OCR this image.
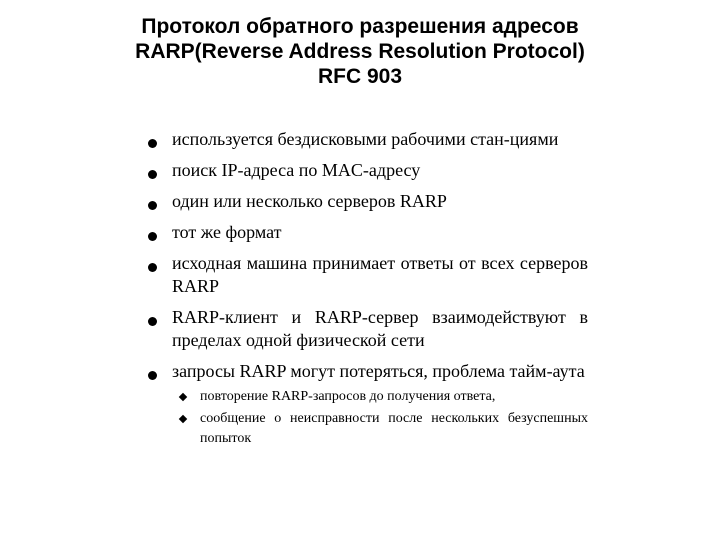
Протокол обратного разрешения адресов
RARP(Reverse Address Resolution Protocol)
RFC 903
используется бездисковыми рабочими стан-циями
поиск IP-адреса по MAC-адресу
один или несколько серверов RARP
тот же формат
исходная машина принимает ответы от всех серверов RARP
RARP-клиент и RARP-сервер взаимодействуют в пределах одной физической сети
запросы RARP могут потеряться, проблема тайм-аута
повторение RARP-запросов до получения ответа,
сообщение о неисправности после нескольких безуспешных попыток
